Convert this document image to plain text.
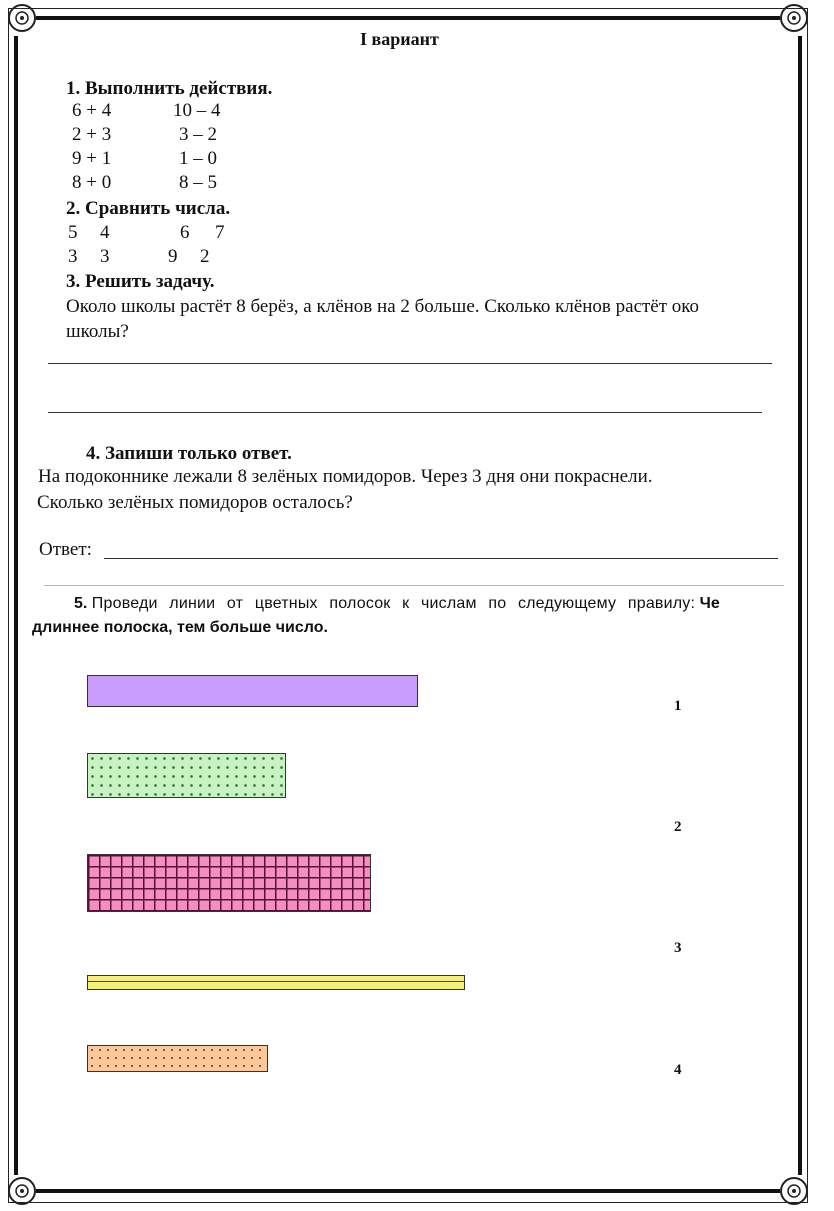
I вариант
1. Выполнить действия.
6 + 4	10 – 4
2 + 3	3 – 2
9 + 1	1 – 0
8 + 0	8 – 5
2. Сравнить числа.
5 4	6 7
3 3	9 2
3. Решить задачу.
Около школы растёт 8 берёз, а клёнов на 2 больше. Сколько клёнов растёт око
школы?
4. Запиши только ответ.
На подоконнике лежали 8 зелёных помидоров. Через 3 дня они покраснели.
Сколько зелёных помидоров осталось?
Ответ:
5. Проведи линии от цветных полосок к числам по следующему правилу: Че
длиннее полоска, тем больше число.
1
2
3
4
